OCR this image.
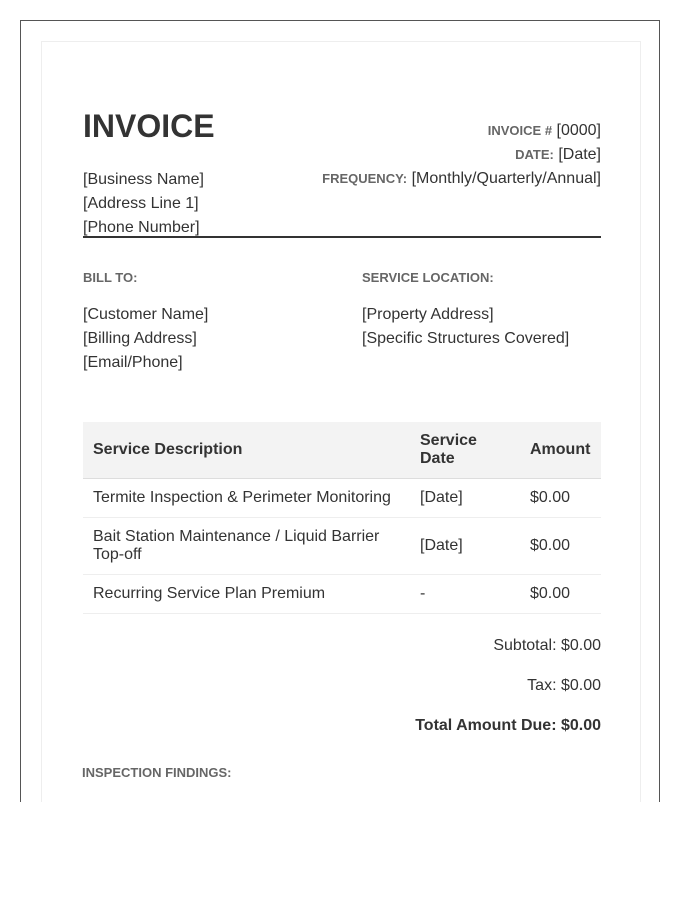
INVOICE
[Business Name]
[Address Line 1]
[Phone Number]
INVOICE # [0000]
DATE: [Date]
FREQUENCY: [Monthly/Quarterly/Annual]
BILL TO:
[Customer Name]
[Billing Address]
[Email/Phone]
SERVICE LOCATION:
[Property Address]
[Specific Structures Covered]
Service Description	Service Date	Amount
Termite Inspection & Perimeter Monitoring	[Date]	$0.00
Bait Station Maintenance / Liquid Barrier Top-off	[Date]	$0.00
Recurring Service Plan Premium	-	$0.00
Subtotal: $0.00
Tax: $0.00
Total Amount Due: $0.00
INSPECTION FINDINGS:
